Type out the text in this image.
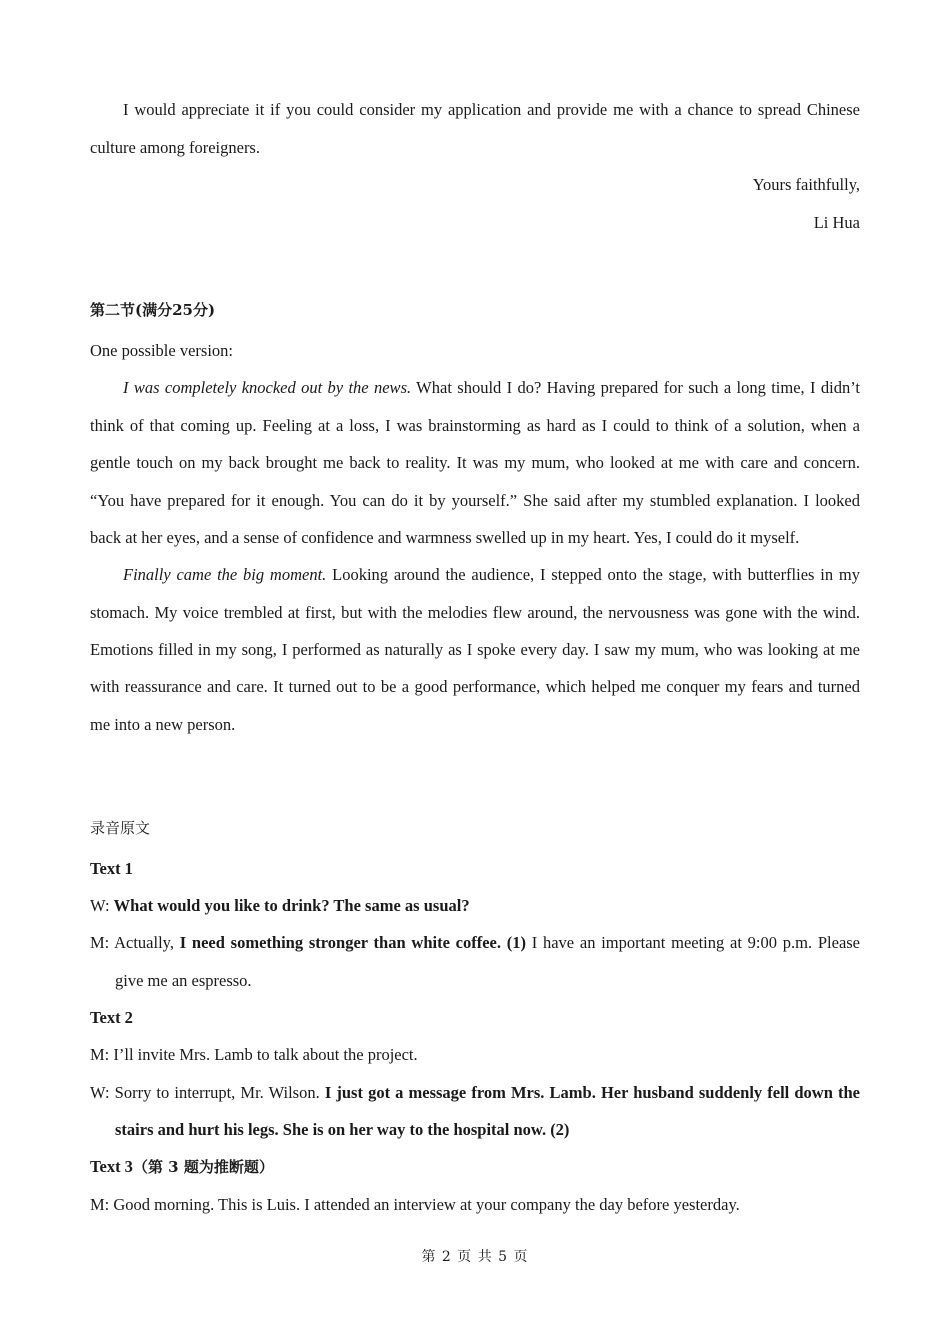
I would appreciate it if you could consider my application and provide me with a chance to spread Chinese
culture among foreigners.
Yours faithfully,
Li Hua
第二节(满分25分)
One possible version:
I was completely knocked out by the news. What should I do? Having prepared for such a long time, I didn’t
think of that coming up. Feeling at a loss, I was brainstorming as hard as I could to think of a solution, when a
gentle touch on my back brought me back to reality. It was my mum, who looked at me with care and concern.
“You have prepared for it enough. You can do it by yourself.” She said after my stumbled explanation. I looked
back at her eyes, and a sense of confidence and warmness swelled up in my heart. Yes, I could do it myself.
Finally came the big moment. Looking around the audience, I stepped onto the stage, with butterflies in my
stomach. My voice trembled at first, but with the melodies flew around, the nervousness was gone with the wind.
Emotions filled in my song, I performed as naturally as I spoke every day. I saw my mum, who was looking at me
with reassurance and care. It turned out to be a good performance, which helped me conquer my fears and turned
me into a new person.
录音原文
Text 1
W: What would you like to drink? The same as usual?
M: Actually, I need something stronger than white coffee. (1) I have an important meeting at 9:00 p.m. Please
give me an espresso.
Text 2
M: I’ll invite Mrs. Lamb to talk about the project.
W: Sorry to interrupt, Mr. Wilson. I just got a message from Mrs. Lamb. Her husband suddenly fell down the
stairs and hurt his legs. She is on her way to the hospital now. (2)
Text 3（第 3 题为推断题）
M: Good morning. This is Luis. I attended an interview at your company the day before yesterday.
第 2 页 共 5 页
